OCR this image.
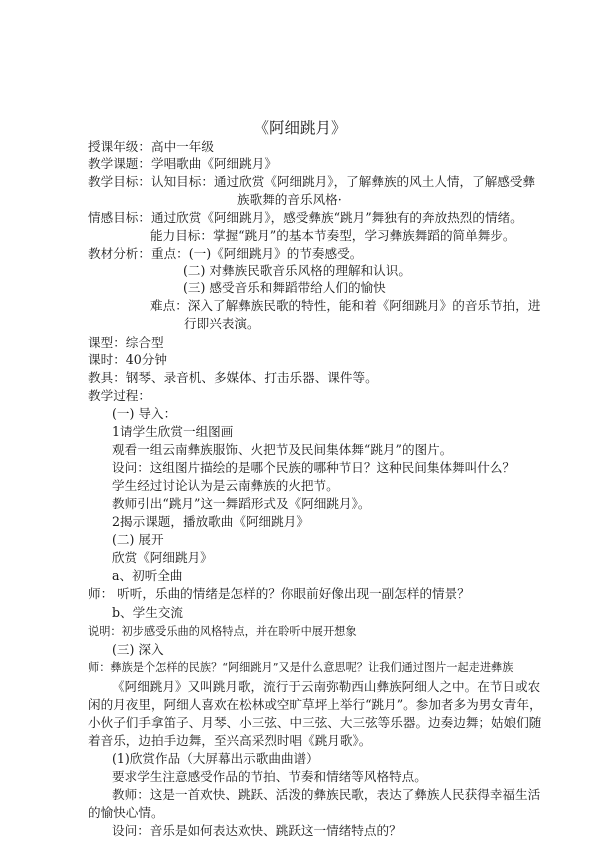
《阿细跳月》
授课年级：高中一年级
教学课题：学唱歌曲《阿细跳月》
教学目标：认知目标：通过欣赏《阿细跳月》，了解彝族的风土人情，了解感受彝
族歌舞的音乐风格·
情感目标：通过欣赏《阿细跳月》，感受彝族“跳月”舞独有的奔放热烈的情绪。
能力目标：掌握“跳月”的基本节奏型，学习彝族舞蹈的简单舞步。
教材分析：重点：(一)《阿细跳月》的节奏感受。
(二) 对彝族民歌音乐风格的理解和认识。
(三) 感受音乐和舞蹈带给人们的愉快
难点：深入了解彝族民歌的特性，能和着《阿细跳月》的音乐节拍，进
行即兴表演。
课型：综合型
课时：40分钟
教具：钢琴、录音机、多媒体、打击乐器、课件等。
教学过程：
(一) 导入：
1请学生欣赏一组图画
观看一组云南彝族服饰、火把节及民间集体舞“跳月”的图片。
设问：这组图片描绘的是哪个民族的哪种节日？这种民间集体舞叫什么？
学生经过讨论认为是云南彝族的火把节。
教师引出“跳月”这一舞蹈形式及《阿细跳月》。
2揭示课题，播放歌曲《阿细跳月》
(二) 展开
欣赏《阿细跳月》
a、初听全曲
师： 听听，乐曲的情绪是怎样的？你眼前好像出现一副怎样的情景？
b、学生交流
说明：初步感受乐曲的风格特点，并在聆听中展开想象
(三) 深入
师：彝族是个怎样的民族？“阿细跳月”又是什么意思呢？让我们通过图片一起走进彝族
《阿细跳月》又叫跳月歌，流行于云南弥勒西山彝族阿细人之中。在节日或农
闲的月夜里，阿细人喜欢在松林或空旷草坪上举行“跳月”。参加者多为男女青年，
小伙子们手拿笛子、月琴、小三弦、中三弦、大三弦等乐器。边奏边舞；姑娘们随
着音乐，边拍手边舞，至兴高采烈时唱《跳月歌》。
(1)欣赏作品（大屏幕出示歌曲曲谱）
要求学生注意感受作品的节拍、节奏和情绪等风格特点。
教师：这是一首欢快、跳跃、活泼的彝族民歌，表达了彝族人民获得幸福生活
的愉快心情。
设问：音乐是如何表达欢快、跳跃这一情绪特点的？
